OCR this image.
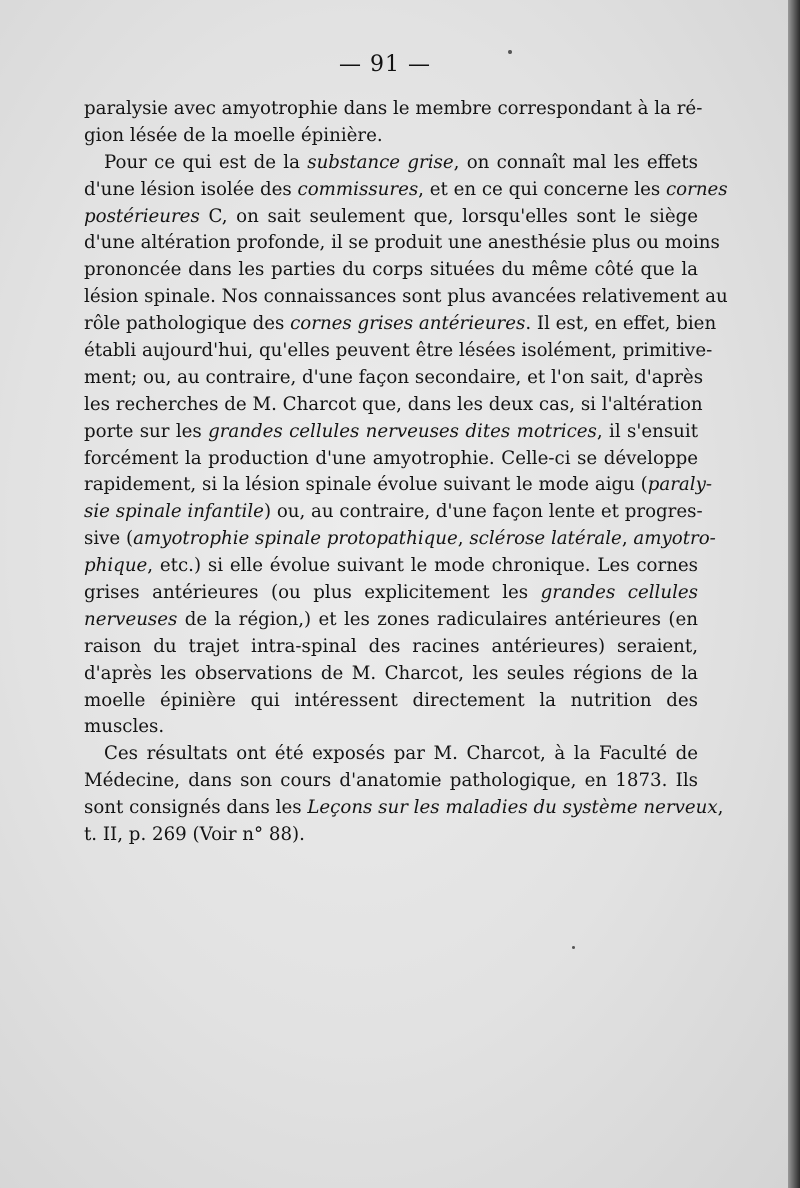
— 91 —
paralysie avec amyotrophie dans le membre correspondant à la ré-
gion lésée de la moelle épinière.
Pour ce qui est de la substance grise, on connaît mal les effets
d'une lésion isolée des commissures, et en ce qui concerne les cornes
postérieures C, on sait seulement que, lorsqu'elles sont le siège
d'une altération profonde, il se produit une anesthésie plus ou moins
prononcée dans les parties du corps situées du même côté que la
lésion spinale. Nos connaissances sont plus avancées relativement au
rôle pathologique des cornes grises antérieures. Il est, en effet, bien
établi aujourd'hui, qu'elles peuvent être lésées isolément, primitive-
ment; ou, au contraire, d'une façon secondaire, et l'on sait, d'après
les recherches de M. Charcot que, dans les deux cas, si l'altération
porte sur les grandes cellules nerveuses dites motrices, il s'ensuit
forcément la production d'une amyotrophie. Celle-ci se développe
rapidement, si la lésion spinale évolue suivant le mode aigu (paraly-
sie spinale infantile) ou, au contraire, d'une façon lente et progres-
sive (amyotrophie spinale protopathique, sclérose latérale, amyotro-
phique, etc.) si elle évolue suivant le mode chronique. Les cornes
grises antérieures (ou plus explicitement les grandes cellules
nerveuses de la région,) et les zones radiculaires antérieures (en
raison du trajet intra-spinal des racines antérieures) seraient,
d'après les observations de M. Charcot, les seules régions de la
moelle épinière qui intéressent directement la nutrition des
muscles.
Ces résultats ont été exposés par M. Charcot, à la Faculté de
Médecine, dans son cours d'anatomie pathologique, en 1873. Ils
sont consignés dans les Leçons sur les maladies du système nerveux,
t. II, p. 269 (Voir n° 88).
